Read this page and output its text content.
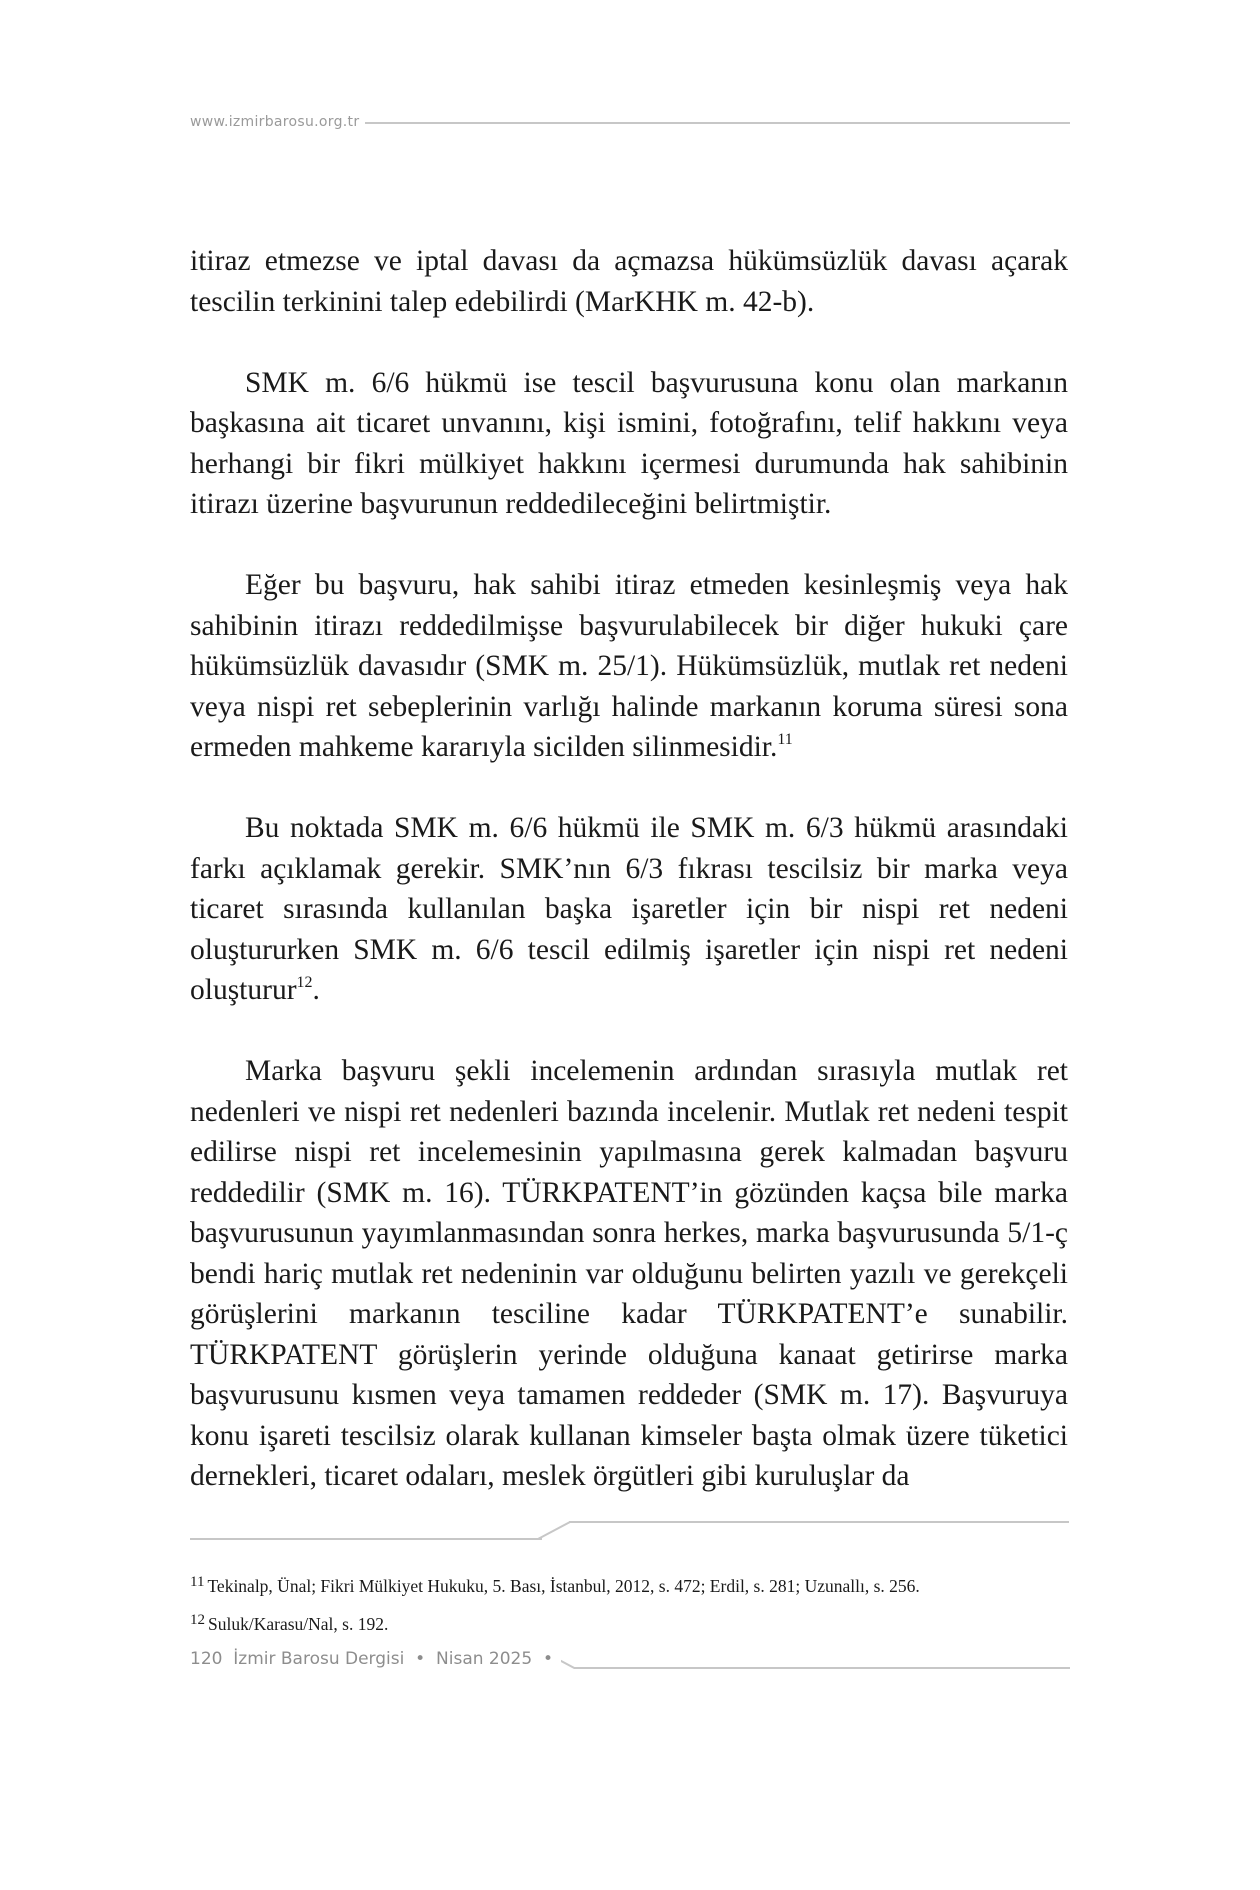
www.izmirbarosu.org.tr

itiraz etmezse ve iptal davası da açmazsa hükümsüzlük davası açarak tescilin terkinini talep edebilirdi (MarKHK m. 42-b).

SMK m. 6/6 hükmü ise tescil başvurusuna konu olan markanın başkasına ait ticaret unvanını, kişi ismini, fotoğrafını, telif hakkını veya herhangi bir fikri mülkiyet hakkını içermesi durumunda hak sahibinin itirazı üzerine başvurunun reddedileceğini belirtmiştir.

Eğer bu başvuru, hak sahibi itiraz etmeden kesinleşmiş veya hak sahibinin itirazı reddedilmişse başvurulabilecek bir diğer hukuki çare hükümsüzlük davasıdır (SMK m. 25/1). Hükümsüzlük, mutlak ret nedeni veya nispi ret sebeplerinin varlığı halinde markanın koruma süresi sona ermeden mahkeme kararıyla sicilden silinmesidir.$^{11}$

Bu noktada SMK m. 6/6 hükmü ile SMK m. 6/3 hükmü arasındaki farkı açıklamak gerekir. SMK’nın 6/3 fıkrası tescilsiz bir marka veya ticaret sırasında kullanılan başka işaretler için bir nispi ret nedeni oluştururken SMK m. 6/6 tescil edilmiş işaretler için nispi ret nedeni oluşturur$^{12}$.

Marka başvuru şekli incelemenin ardından sırasıyla mutlak ret nedenleri ve nispi ret nedenleri bazında incelenir. Mutlak ret nedeni tespit edilirse nispi ret incelemesinin yapılmasına gerek kalmadan başvuru reddedilir (SMK m. 16). TÜRKPATENT’in gözünden kaçsa bile marka başvurusunun yayımlanmasından sonra herkes, marka başvurusunda 5/1-ç bendi hariç mutlak ret nedeninin var olduğunu belirten yazılı ve gerekçeli görüşlerini markanın tesciline kadar TÜRKPATENT’e sunabilir. TÜRKPATENT görüşlerin yerinde olduğuna kanaat getirirse marka başvurusunu kısmen veya tamamen reddeder (SMK m. 17). Başvuruya konu işareti tescilsiz olarak kullanan kimseler başta olmak üzere tüketici dernekleri, ticaret odaları, meslek örgütleri gibi kuruluşlar da

11 Tekinalp, Ünal; Fikri Mülkiyet Hukuku, 5. Bası, İstanbul, 2012, s. 472; Erdil, s. 281; Uzunallı, s. 256.

12 Suluk/Karasu/Nal, s. 192.

120 İzmir Barosu Dergisi • Nisan 2025 •
